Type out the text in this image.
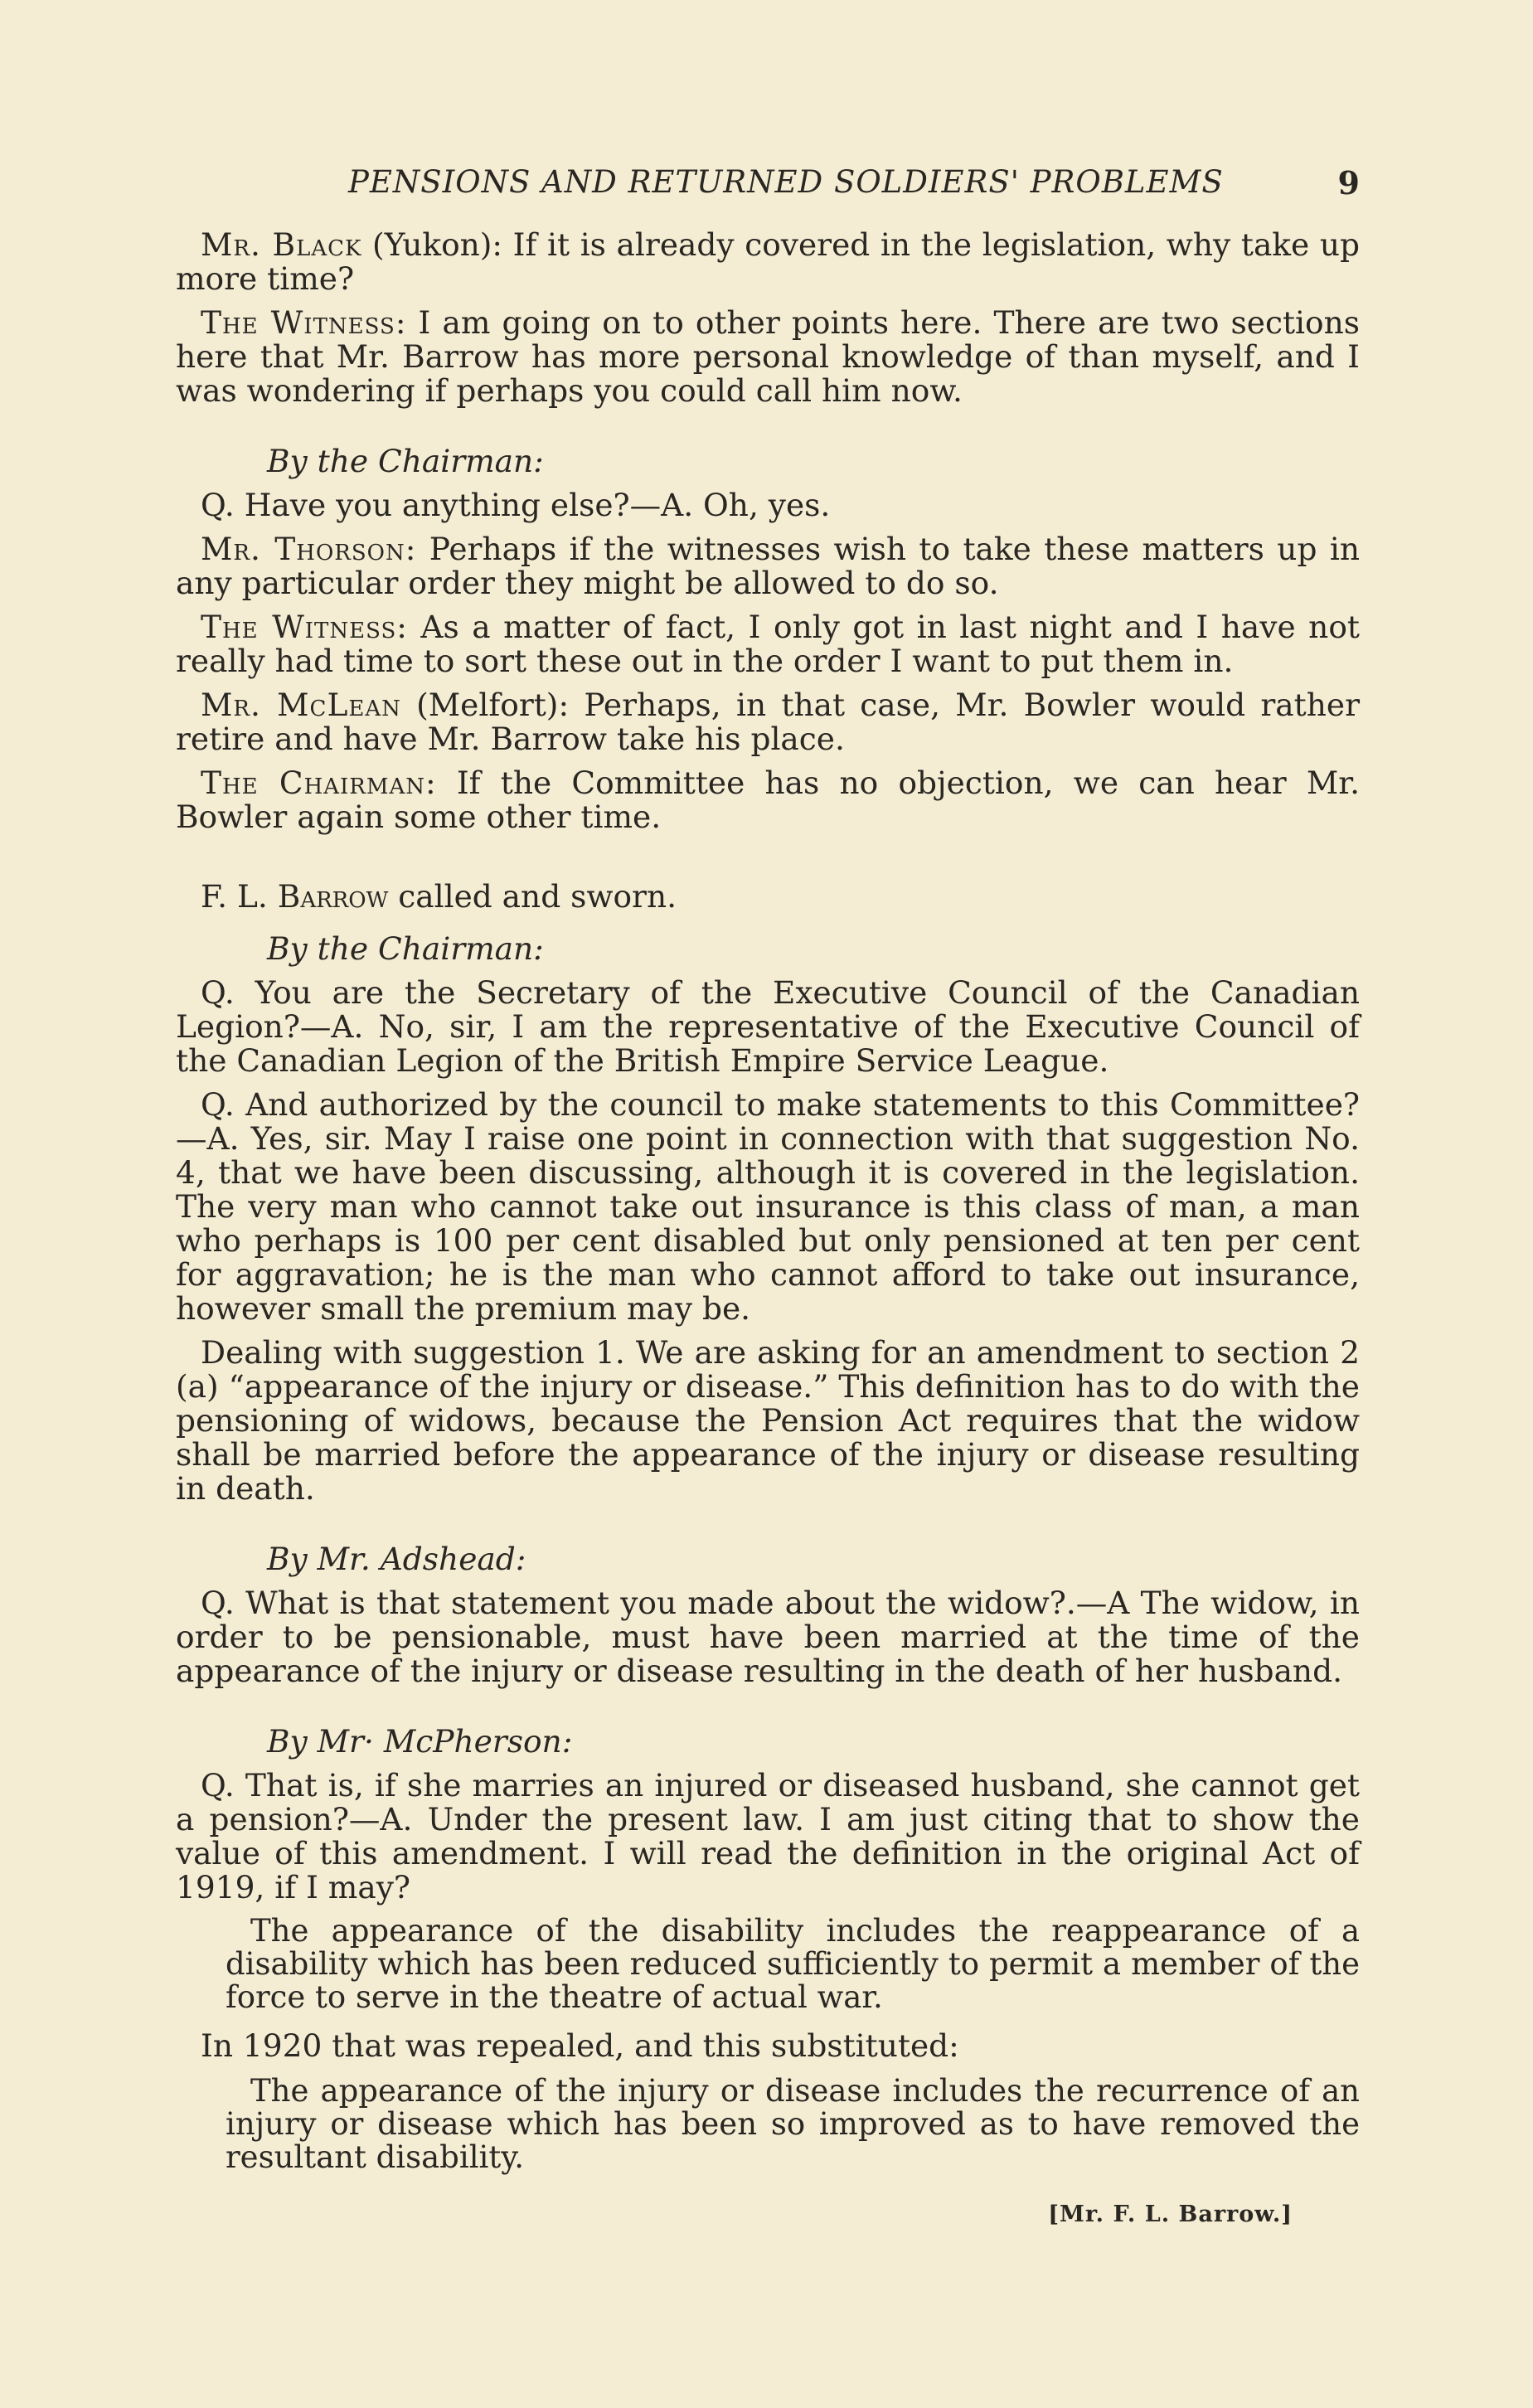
PENSIONS AND RETURNED SOLDIERS' PROBLEMS	9

Mr. Black (Yukon): If it is already covered in the legislation, why take up more time?

The Witness: I am going on to other points here. There are two sections here that Mr. Barrow has more personal knowledge of than myself, and I was wondering if perhaps you could call him now.

By the Chairman:

Q. Have you anything else?—A. Oh, yes.

Mr. Thorson: Perhaps if the witnesses wish to take these matters up in any particular order they might be allowed to do so.

The Witness: As a matter of fact, I only got in last night and I have not really had time to sort these out in the order I want to put them in.

Mr. McLean (Melfort): Perhaps, in that case, Mr. Bowler would rather retire and have Mr. Barrow take his place.

The Chairman: If the Committee has no objection, we can hear Mr. Bowler again some other time.

F. L. Barrow called and sworn.

By the Chairman:

Q. You are the Secretary of the Executive Council of the Canadian Legion?—A. No, sir, I am the representative of the Executive Council of the Canadian Legion of the British Empire Service League.

Q. And authorized by the council to make statements to this Committee?—A. Yes, sir. May I raise one point in connection with that suggestion No. 4, that we have been discussing, although it is covered in the legislation. The very man who cannot take out insurance is this class of man, a man who perhaps is 100 per cent disabled but only pensioned at ten per cent for aggravation; he is the man who cannot afford to take out insurance, however small the premium may be.

Dealing with suggestion 1. We are asking for an amendment to section 2 (a) “appearance of the injury or disease.” This definition has to do with the pensioning of widows, because the Pension Act requires that the widow shall be married before the appearance of the injury or disease resulting in death.

By Mr. Adshead:

Q. What is that statement you made about the widow?.—A The widow, in order to be pensionable, must have been married at the time of the appearance of the injury or disease resulting in the death of her husband.

By Mr· McPherson:

Q. That is, if she marries an injured or diseased husband, she cannot get a pension?—A. Under the present law. I am just citing that to show the value of this amendment. I will read the definition in the original Act of 1919, if I may?

The appearance of the disability includes the reappearance of a disability which has been reduced sufficiently to permit a member of the force to serve in the theatre of actual war.

In 1920 that was repealed, and this substituted:

The appearance of the injury or disease includes the recurrence of an injury or disease which has been so improved as to have removed the resultant disability.

[Mr. F. L. Barrow.]
